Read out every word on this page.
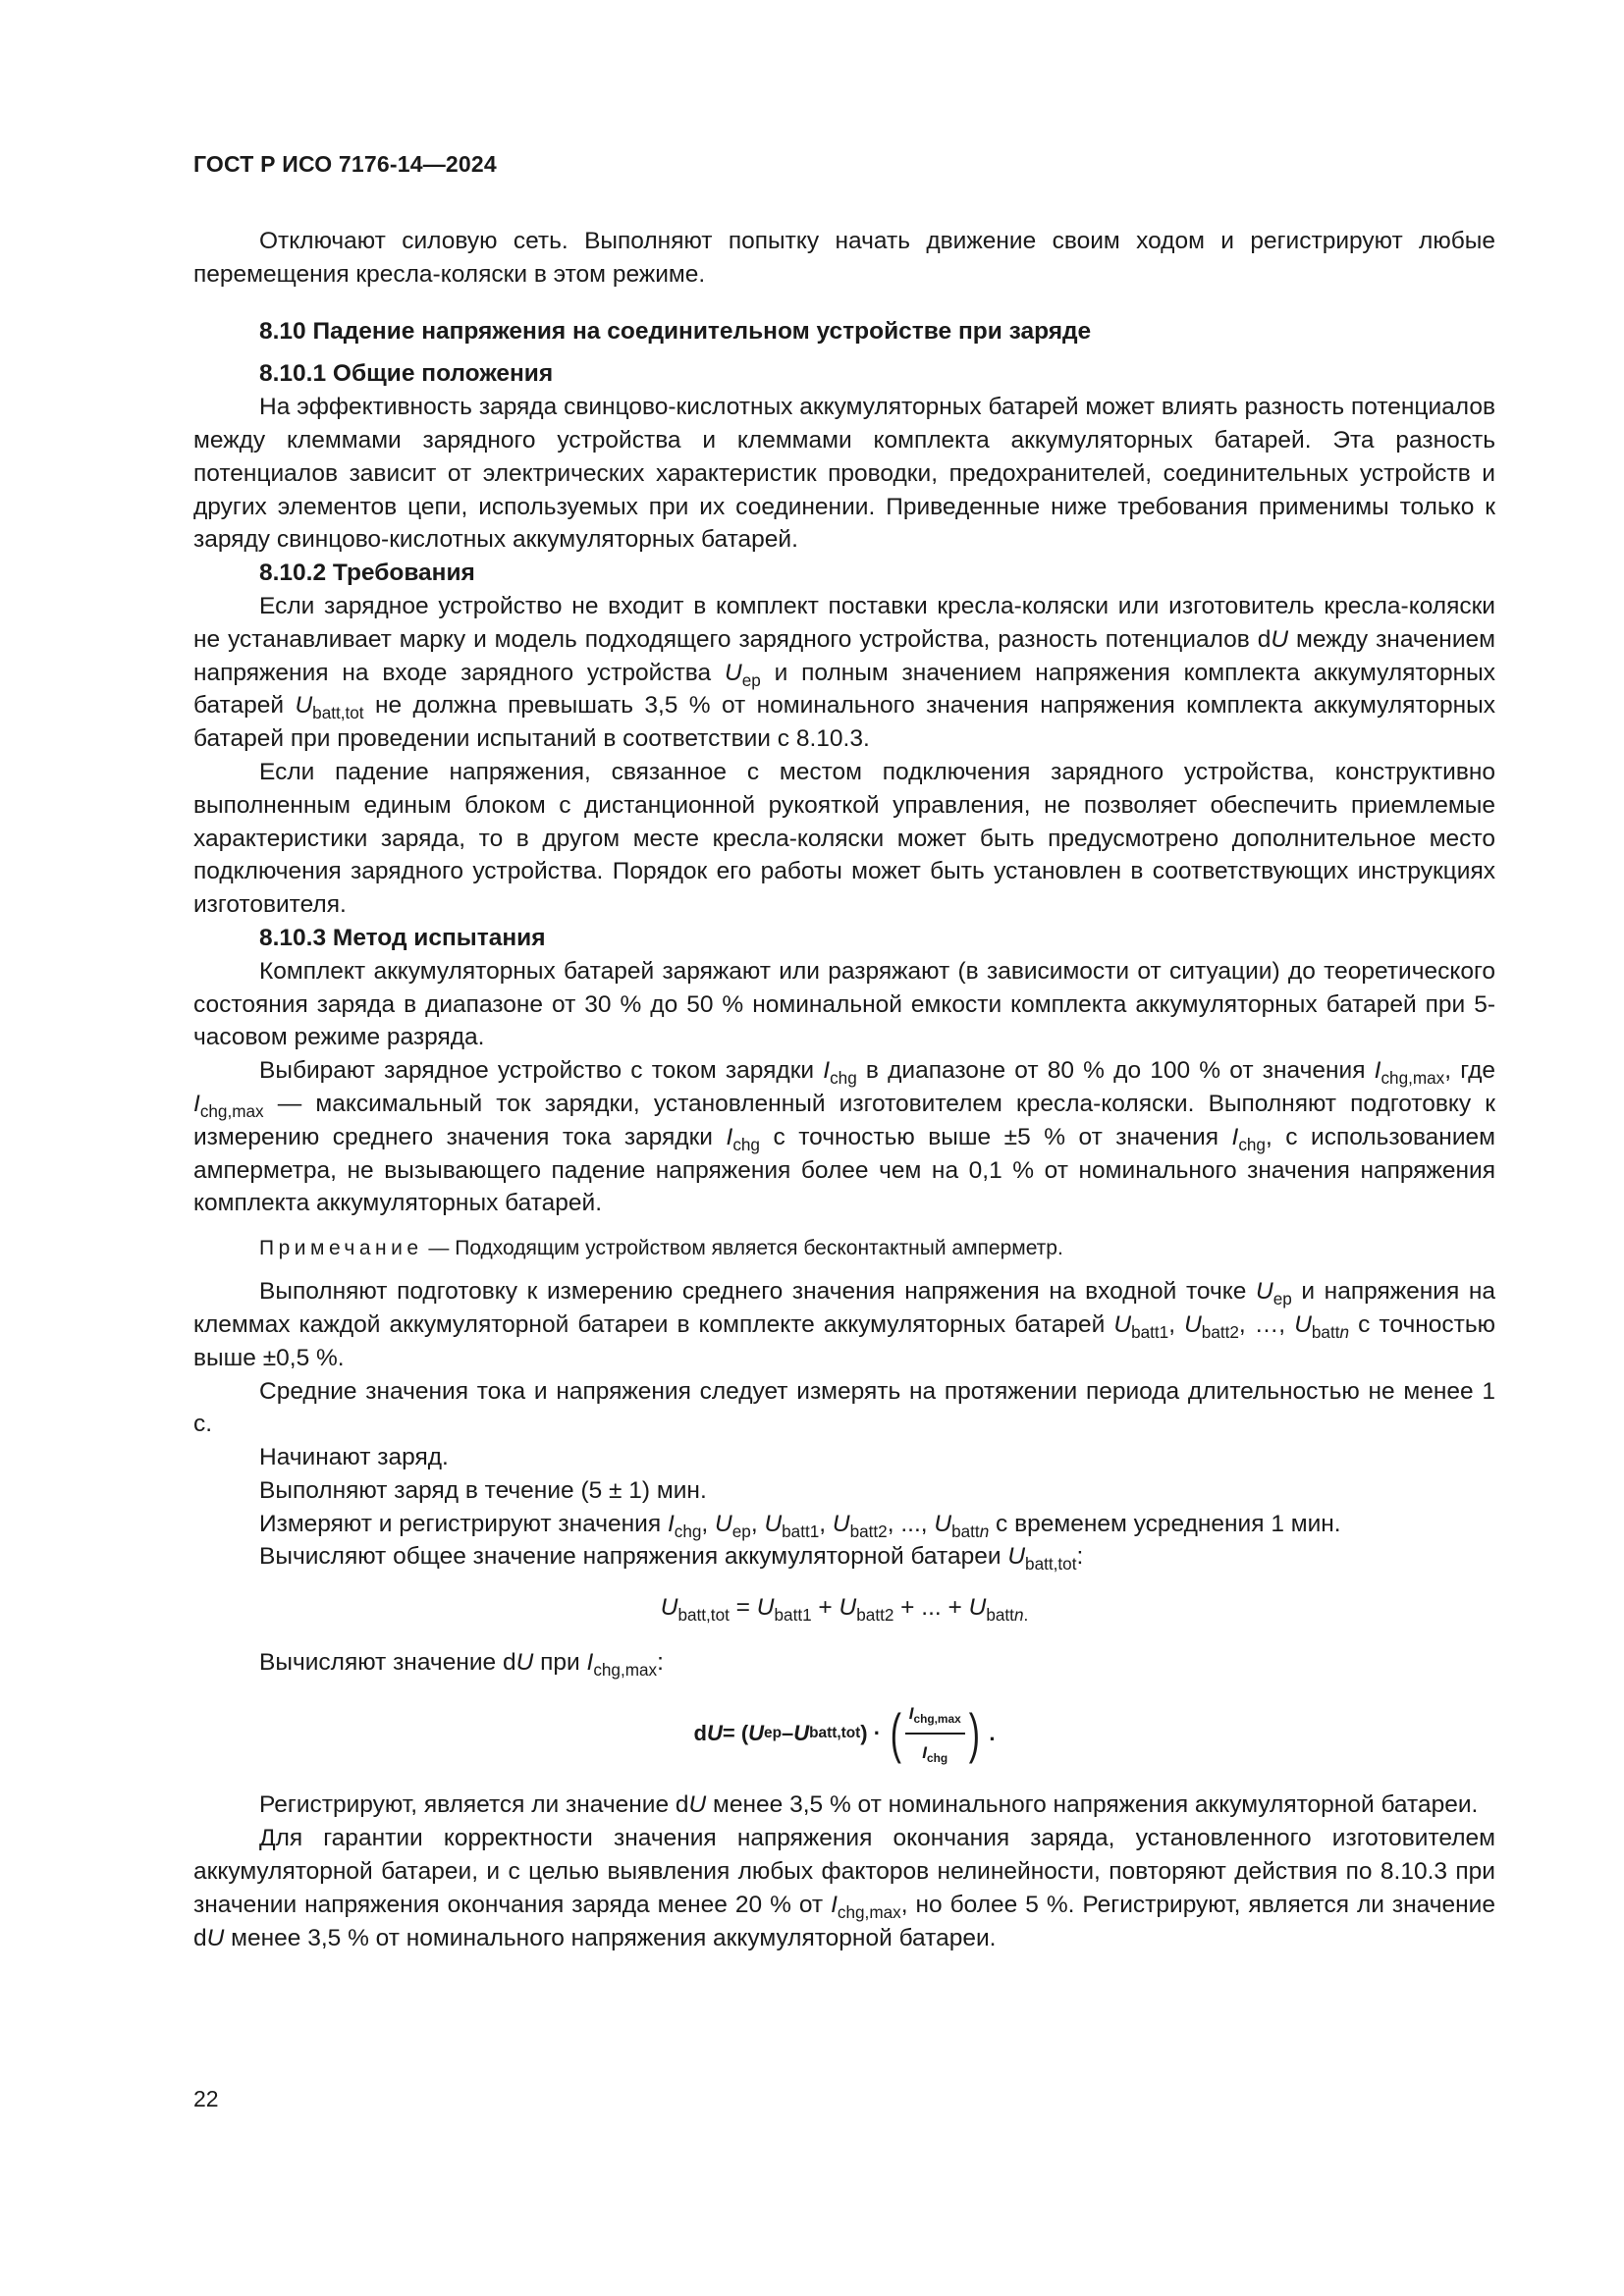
ГОСТ Р ИСО 7176-14—2024

Отключают силовую сеть. Выполняют попытку начать движение своим ходом и регистрируют любые перемещения кресла-коляски в этом режиме.

8.10 Падение напряжения на соединительном устройстве при заряде
8.10.1 Общие положения

На эффективность заряда свинцово-кислотных аккумуляторных батарей может влиять разность потенциалов между клеммами зарядного устройства и клеммами комплекта аккумуляторных батарей. Эта разность потенциалов зависит от электрических характеристик проводки, предохранителей, соединительных устройств и других элементов цепи, используемых при их соединении. Приведенные ниже требования применимы только к заряду свинцово-кислотных аккумуляторных батарей.

8.10.2 Требования

Если зарядное устройство не входит в комплект поставки кресла-коляски или изготовитель кресла-коляски не устанавливает марку и модель подходящего зарядного устройства, разность потенциалов dU между значением напряжения на входе зарядного устройства $U_{ep}$ и полным значением напряжения комплекта аккумуляторных батарей $U_{batt,tot}$ не должна превышать 3,5 % от номинального значения напряжения комплекта аккумуляторных батарей при проведении испытаний в соответствии с 8.10.3.

Если падение напряжения, связанное с местом подключения зарядного устройства, конструктивно выполненным единым блоком с дистанционной рукояткой управления, не позволяет обеспечить приемлемые характеристики заряда, то в другом месте кресла-коляски может быть предусмотрено дополнительное место подключения зарядного устройства. Порядок его работы может быть установлен в соответствующих инструкциях изготовителя.

8.10.3 Метод испытания

Комплект аккумуляторных батарей заряжают или разряжают (в зависимости от ситуации) до теоретического состояния заряда в диапазоне от 30 % до 50 % номинальной емкости комплекта аккумуляторных батарей при 5-часовом режиме разряда.

Выбирают зарядное устройство с током зарядки $I_{chg}$ в диапазоне от 80 % до 100 % от значения $I_{chg,max}$, где $I_{chg,max}$ — максимальный ток зарядки, установленный изготовителем кресла-коляски. Выполняют подготовку к измерению среднего значения тока зарядки $I_{chg}$ с точностью выше ±5 % от значения $I_{chg}$, с использованием амперметра, не вызывающего падение напряжения более чем на 0,1 % от номинального значения напряжения комплекта аккумуляторных батарей.

Примечание — Подходящим устройством является бесконтактный амперметр.

Выполняют подготовку к измерению среднего значения напряжения на входной точке $U_{ep}$ и напряжения на клеммах каждой аккумуляторной батареи в комплекте аккумуляторных батарей $U_{batt1}$, $U_{batt2}$, …, $U_{battn}$ с точностью выше ±0,5 %.

Средние значения тока и напряжения следует измерять на протяжении периода длительностью не менее 1 с.

Начинают заряд.

Выполняют заряд в течение (5 ± 1) мин.

Измеряют и регистрируют значения $I_{chg}$, $U_{ep}$, $U_{batt1}$, $U_{batt2}$, ..., $U_{battn}$ с временем усреднения 1 мин.

Вычисляют общее значение напряжения аккумуляторной батареи $U_{batt,tot}$:

$U_{batt,tot} = U_{batt1} + U_{batt2}$ + ... + $U_{battn.}$

Вычисляют значение dU при $I_{chg,max}$:

d U = ( U ep – U batt,tot ) · ( $\frac{I_{chg,max}}{I_{chg}}$ ) .

Регистрируют, является ли значение dU менее 3,5 % от номинального напряжения аккумуляторной батареи.

Для гарантии корректности значения напряжения окончания заряда, установленного изготовителем аккумуляторной батареи, и с целью выявления любых факторов нелинейности, повторяют действия по 8.10.3 при значении напряжения окончания заряда менее 20 % от $I_{chg,max}$, но более 5 %. Регистрируют, является ли значение dU менее 3,5 % от номинального напряжения аккумуляторной батареи.

22
